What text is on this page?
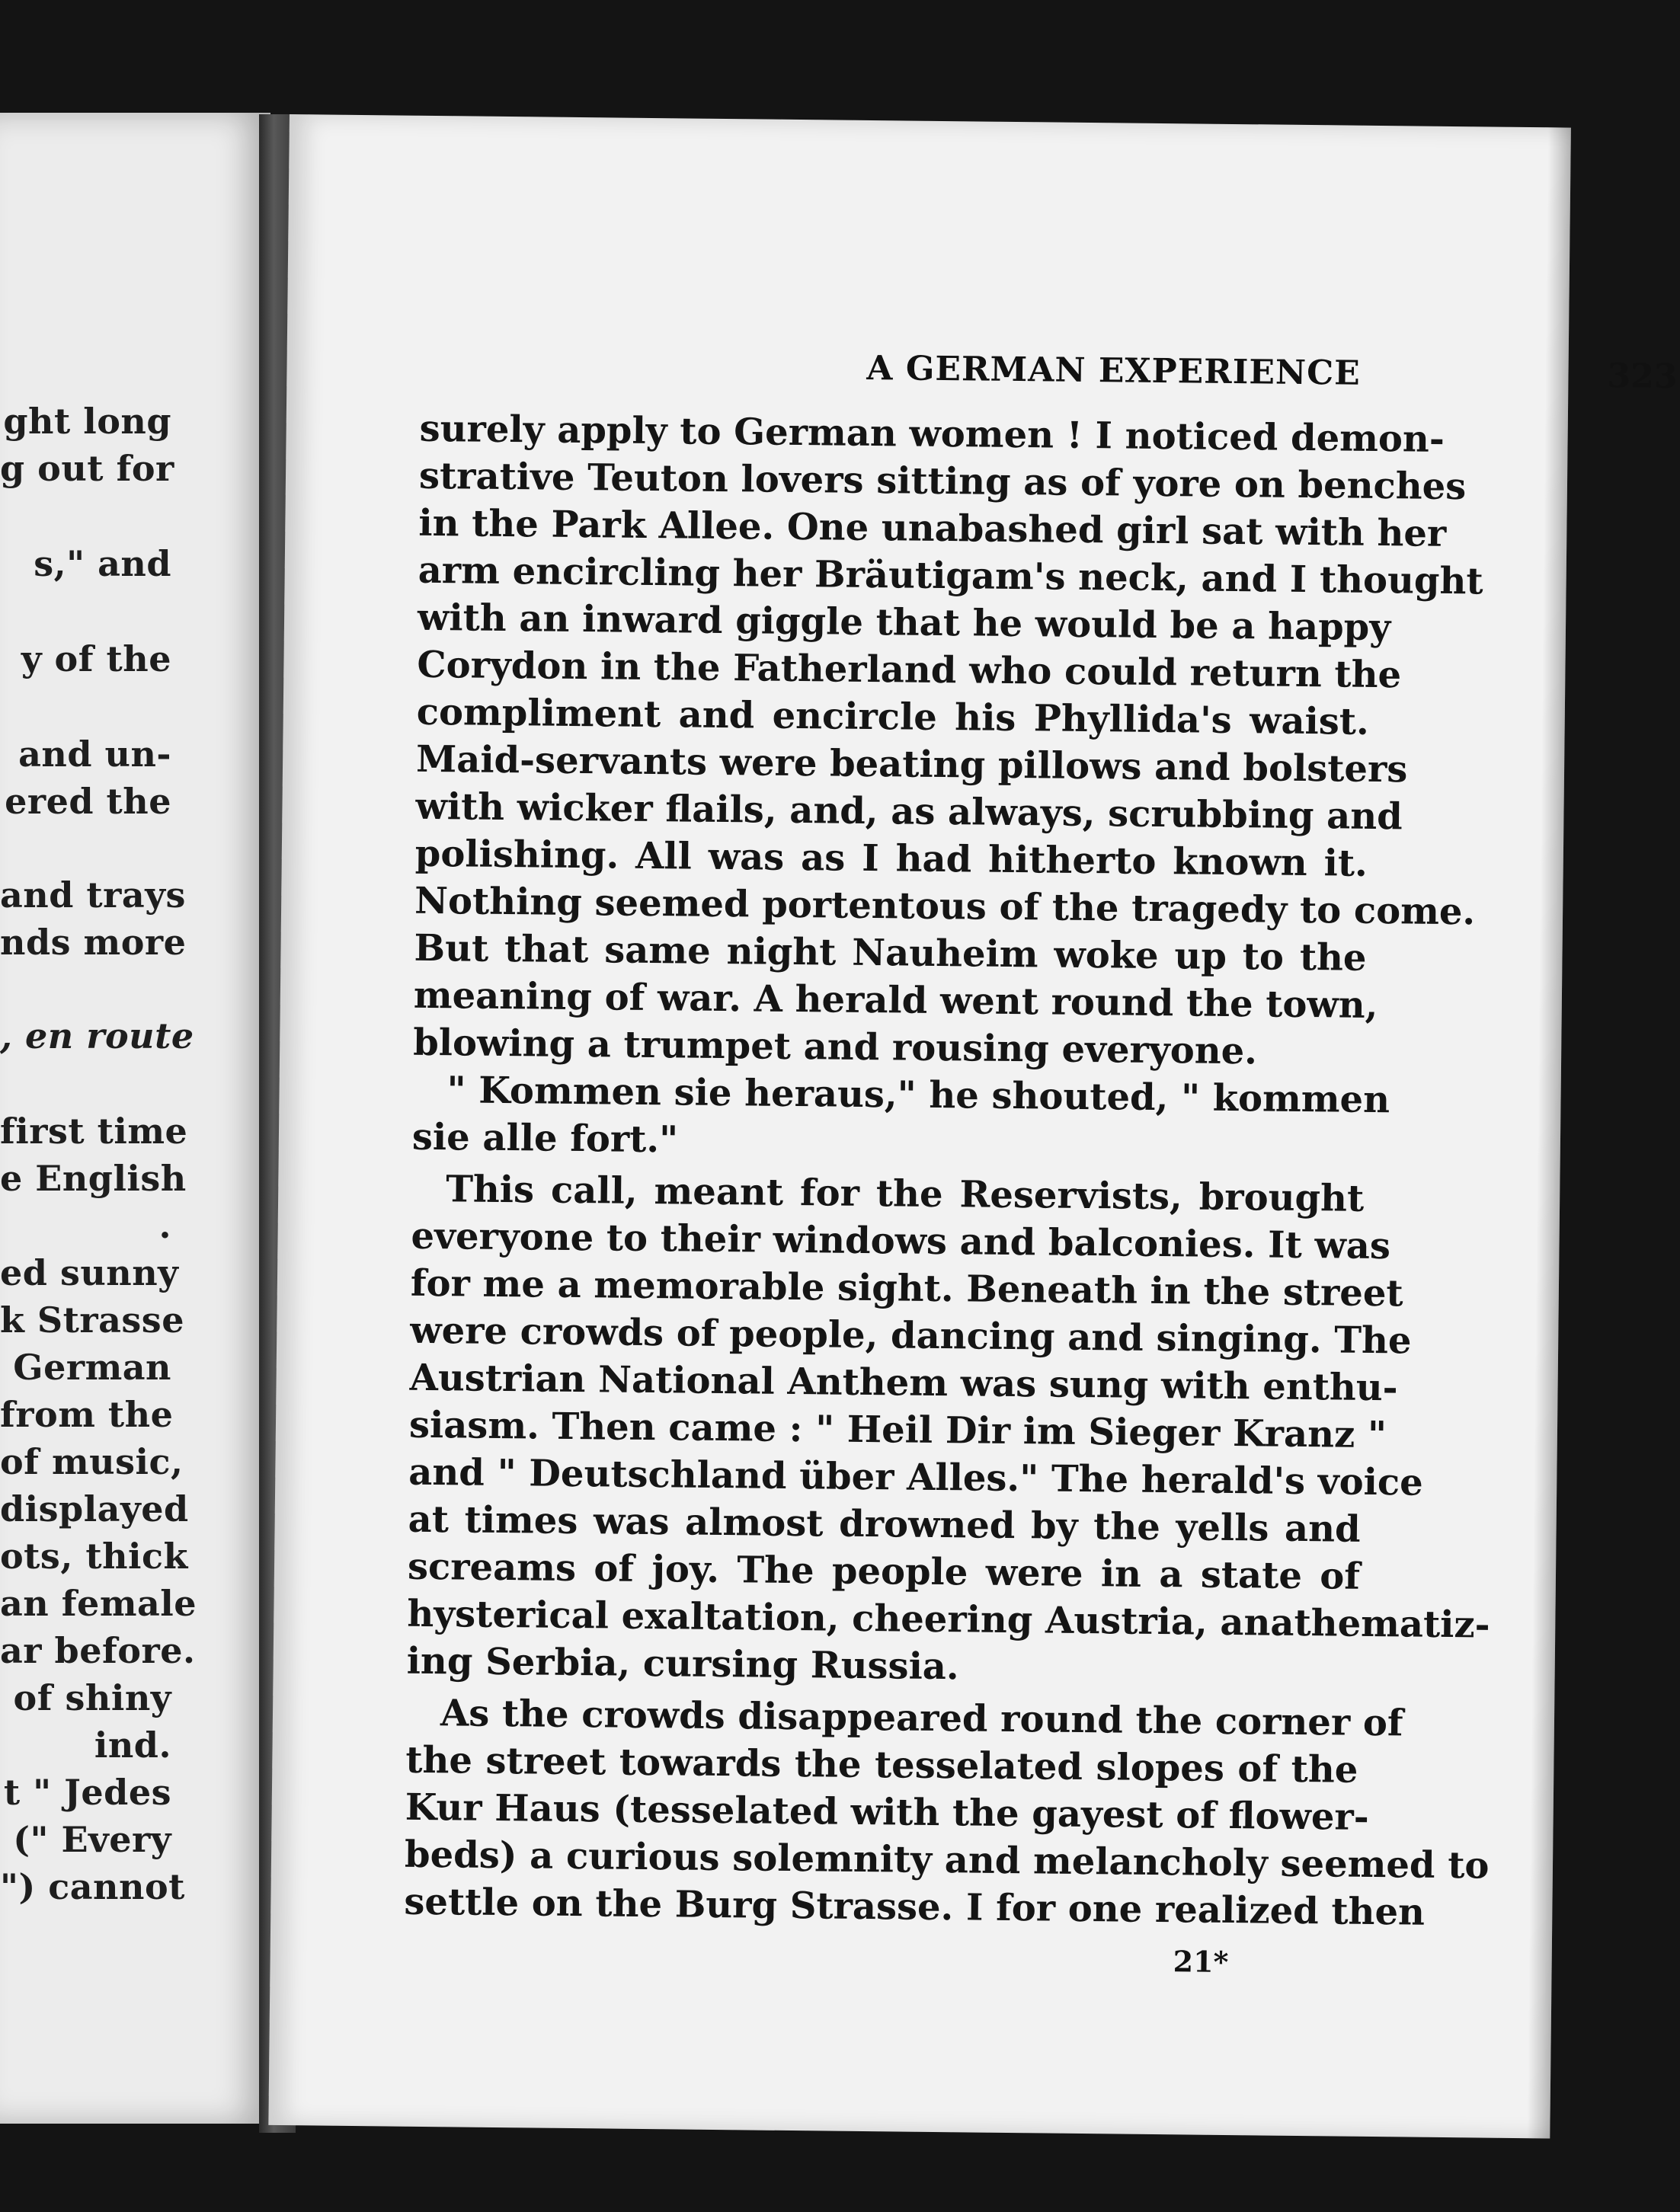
ght long
g out for
s," and
y of the
and un-
ered the
and trays
nds more
, en route
first time
e English
.
ed sunny
k Strasse
German
from the
of music,
displayed
ots, thick
an female
ar before.
of shiny
ind.
t " Jedes
(" Every
") cannot
A GERMAN EXPERIENCE	323
surely apply to German women ! I noticed demon-
strative Teuton lovers sitting as of yore on benches
in the Park Allee. One unabashed girl sat with her
arm encircling her Bräutigam's neck, and I thought
with an inward giggle that he would be a happy
Corydon in the Fatherland who could return the
compliment and encircle his Phyllida's waist.
Maid-servants were beating pillows and bolsters
with wicker flails, and, as always, scrubbing and
polishing. All was as I had hitherto known it.
Nothing seemed portentous of the tragedy to come.
But that same night Nauheim woke up to the
meaning of war. A herald went round the town,
blowing a trumpet and rousing everyone.
" Kommen sie heraus," he shouted, " kommen
sie alle fort."
This call, meant for the Reservists, brought
everyone to their windows and balconies. It was
for me a memorable sight. Beneath in the street
were crowds of people, dancing and singing. The
Austrian National Anthem was sung with enthu-
siasm. Then came : " Heil Dir im Sieger Kranz "
and " Deutschland über Alles." The herald's voice
at times was almost drowned by the yells and
screams of joy. The people were in a state of
hysterical exaltation, cheering Austria, anathematiz-
ing Serbia, cursing Russia.
As the crowds disappeared round the corner of
the street towards the tesselated slopes of the
Kur Haus (tesselated with the gayest of flower-
beds) a curious solemnity and melancholy seemed to
settle on the Burg Strasse. I for one realized then
21*
